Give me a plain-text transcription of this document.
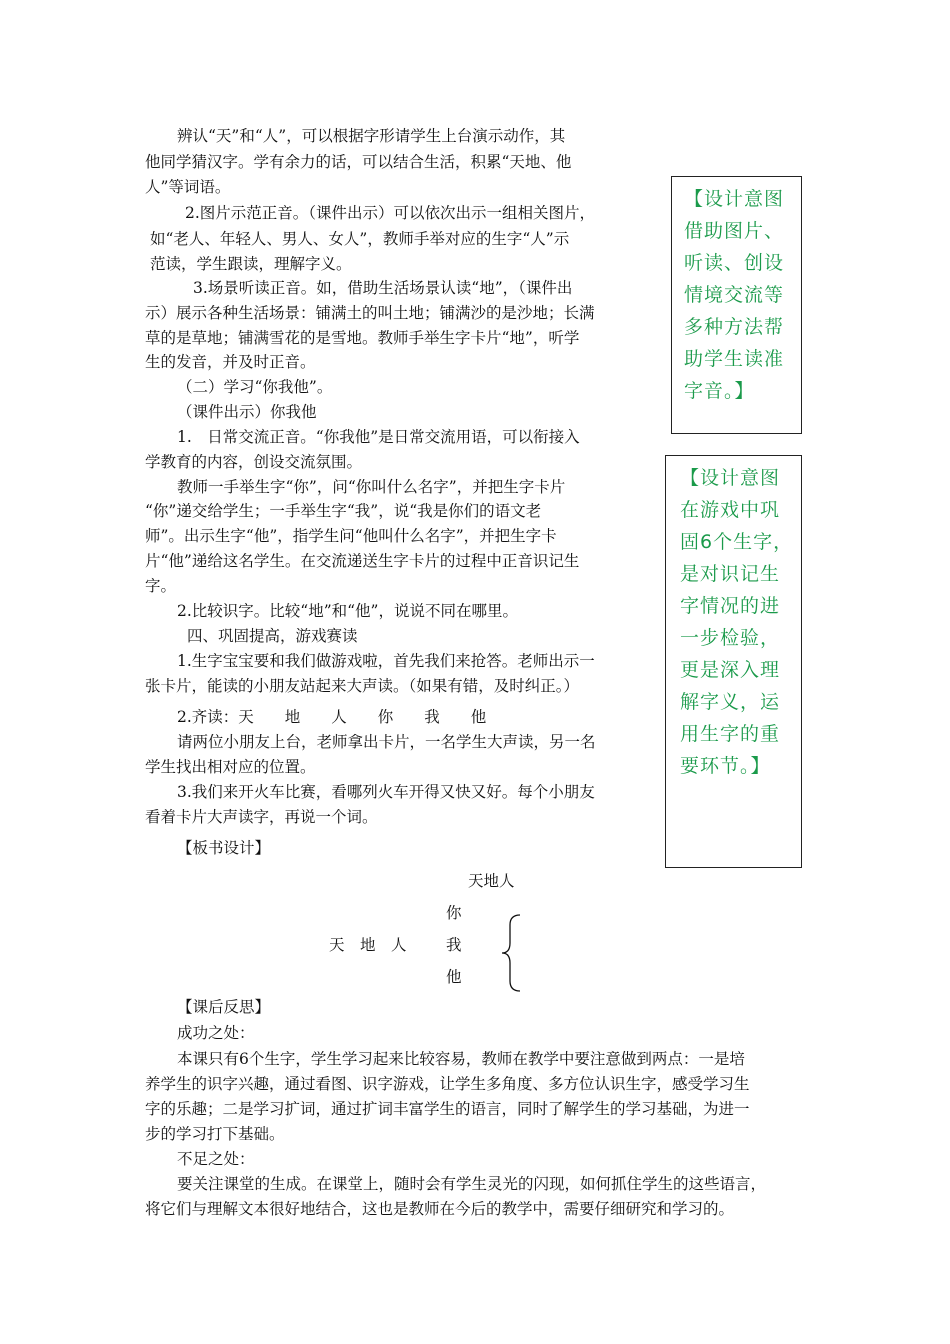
辨认“天”和“人”，可以根据字形请学生上台演示动作，其
他同学猜汉字。学有余力的话，可以结合生活，积累“天地、他
人”等词语。
2.图片示范正音。（课件出示）可以依次出示一组相关图片，
如“老人、年轻人、男人、女人”，教师手举对应的生字“人”示
范读，学生跟读，理解字义。
3.场景听读正音。如，借助生活场景认读“地”，（课件出
示）展示各种生活场景：铺满土的叫土地；铺满沙的是沙地；长满
草的是草地；铺满雪花的是雪地。教师手举生字卡片“地”，听学
生的发音，并及时正音。
（二）学习“你我他”。
（课件出示）你我他
1.　日常交流正音。“你我他”是日常交流用语，可以衔接入
学教育的内容，创设交流氛围。
教师一手举生字“你”，问“你叫什么名字”，并把生字卡片
“你”递交给学生；一手举生字“我”，说“我是你们的语文老
师”。出示生字“他”，指学生问“他叫什么名字”，并把生字卡
片“他”递给这名学生。在交流递送生字卡片的过程中正音识记生
字。
2.比较识字。比较“地”和“他”，说说不同在哪里。
四、巩固提高，游戏赛读
1.生字宝宝要和我们做游戏啦，首先我们来抢答。老师出示一
张卡片，能读的小朋友站起来大声读。（如果有错，及时纠正。）
2.齐读：天　　地　　人　　你　　我　　他
请两位小朋友上台，老师拿出卡片，一名学生大声读，另一名
学生找出相对应的位置。
3.我们来开火车比赛，看哪列火车开得又快又好。每个小朋友
看着卡片大声读字，再说一个词。
【板书设计】
天地人
你
天　地　人	我
他
【课后反思】
成功之处：
本课只有6个生字，学生学习起来比较容易，教师在教学中要注意做到两点：一是培
养学生的识字兴趣，通过看图、识字游戏，让学生多角度、多方位认识生字，感受学习生
字的乐趣；二是学习扩词，通过扩词丰富学生的语言，同时了解学生的学习基础，为进一
步的学习打下基础。
不足之处：
要关注课堂的生成。在课堂上，随时会有学生灵光的闪现，如何抓住学生的这些语言，
将它们与理解文本很好地结合，这也是教师在今后的教学中，需要仔细研究和学习的。
【设计意图
借助图片、
听读、创设
情境交流等
多种方法帮
助学生读准
字音。】
【设计意图
在游戏中巩
固6个生字，
是对识记生
字情况的进
一步检验，
更是深入理
解字义，运
用生字的重
要环节。】
